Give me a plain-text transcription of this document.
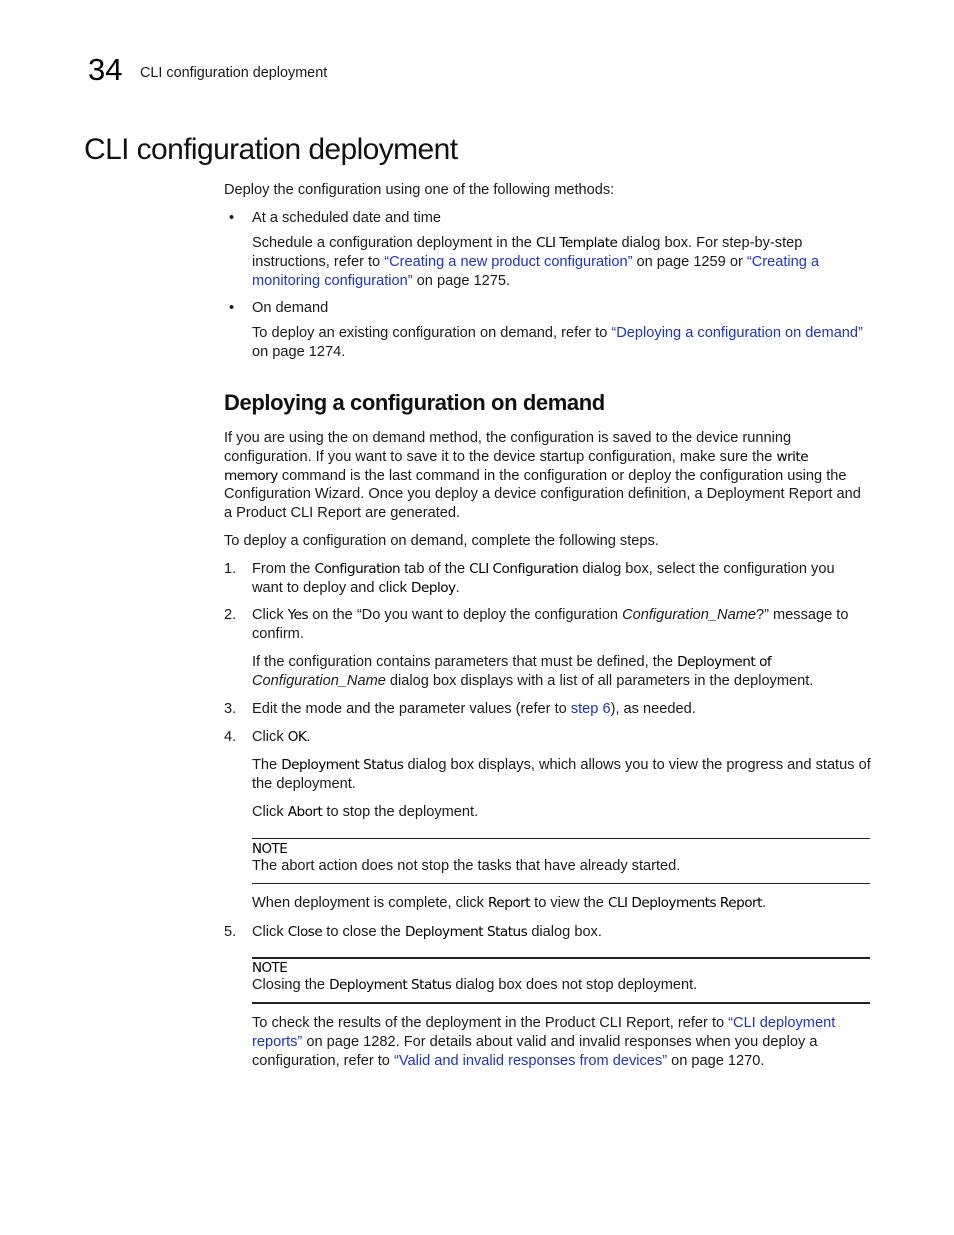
34 CLI configuration deployment
CLI configuration deployment

Deploy the configuration using one of the following methods:

• At a scheduled date and time
Schedule a configuration deployment in the CLI Template dialog box. For step-by-step
instructions, refer to “Creating a new product configuration” on page 1259 or “Creating a
monitoring configuration” on page 1275.
• On demand
To deploy an existing configuration on demand, refer to “Deploying a configuration on demand”
on page 1274.
Deploying a configuration on demand
If you are using the on demand method, the configuration is saved to the device running
configuration. If you want to save it to the device startup configuration, make sure the write
memory command is the last command in the configuration or deploy the configuration using the
Configuration Wizard. Once you deploy a device configuration definition, a Deployment Report and
a Product CLI Report are generated.

To deploy a configuration on demand, complete the following steps.

1. From the Configuration tab of the CLI Configuration dialog box, select the configuration you
want to deploy and click Deploy.
2. Click Yes on the “Do you want to deploy the configuration Configuration_Name?” message to
confirm.
If the configuration contains parameters that must be defined, the Deployment of
Configuration_Name dialog box displays with a list of all parameters in the deployment.
3. Edit the mode and the parameter values (refer to step 6), as needed.
4. Click OK.
The Deployment Status dialog box displays, which allows you to view the progress and status of
the deployment.
Click Abort to stop the deployment.
NOTE
The abort action does not stop the tasks that have already started.
When deployment is complete, click Report to view the CLI Deployments Report.
5. Click Close to close the Deployment Status dialog box.
NOTE
Closing the Deployment Status dialog box does not stop deployment.
To check the results of the deployment in the Product CLI Report, refer to “CLI deployment
reports” on page 1282. For details about valid and invalid responses when you deploy a
configuration, refer to “Valid and invalid responses from devices” on page 1270.
